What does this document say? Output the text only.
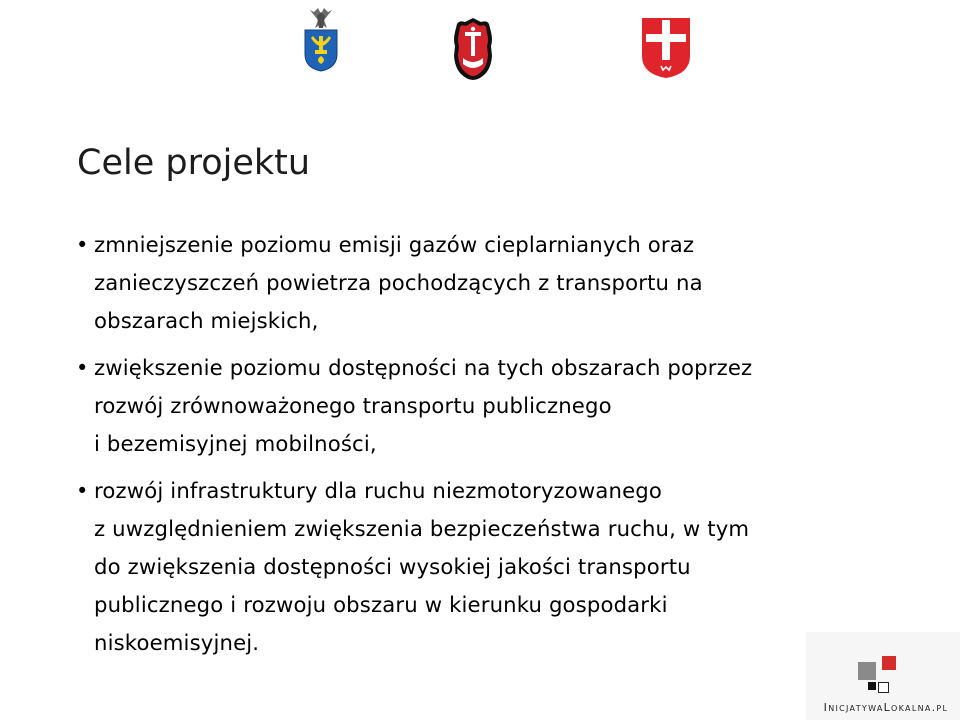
Cele projektu
• zmniejszenie poziomu emisji gazów cieplarnianych oraz
zanieczyszczeń powietrza pochodzących z transportu na
obszarach miejskich,
• zwiększenie poziomu dostępności na tych obszarach poprzez
rozwój zrównoważonego transportu publicznego
i bezemisyjnej mobilności,
• rozwój infrastruktury dla ruchu niezmotoryzowanego
z uwzględnieniem zwiększenia bezpieczeństwa ruchu, w tym
do zwiększenia dostępności wysokiej jakości transportu
publicznego i rozwoju obszaru w kierunku gospodarki
niskoemisyjnej.
InicjatywaLokalna.pl
